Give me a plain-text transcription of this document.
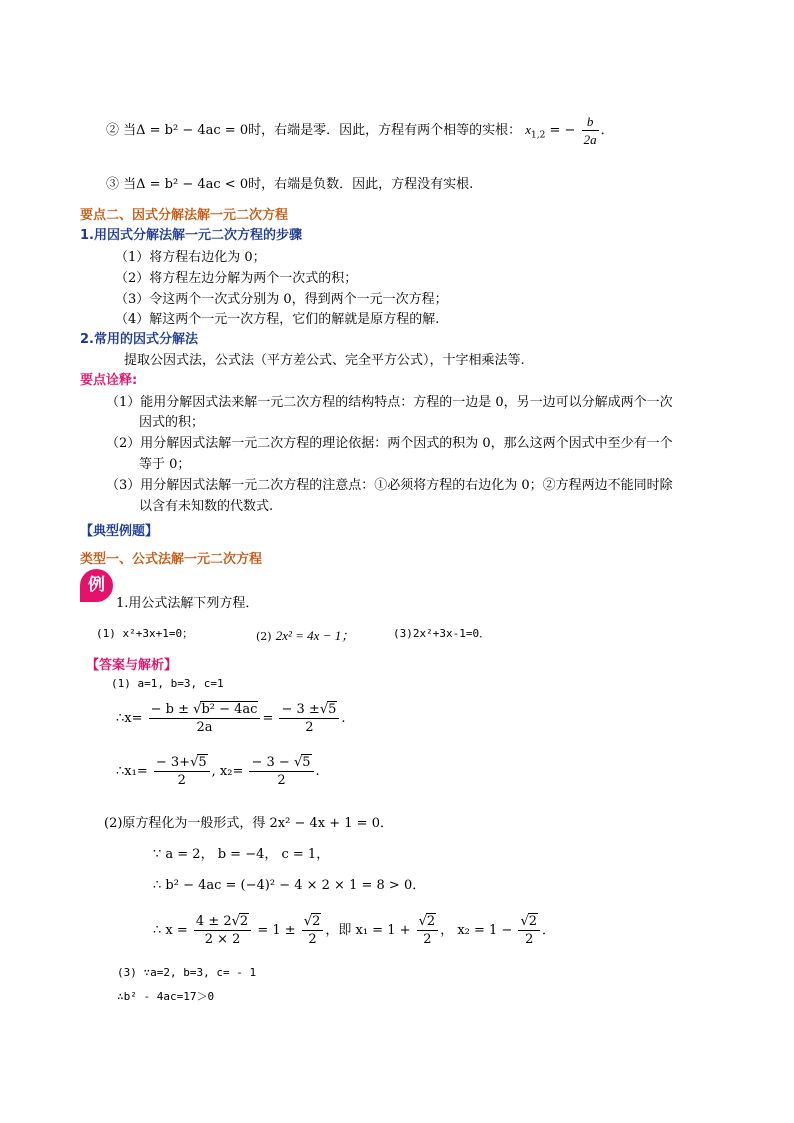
② 当Δ = b² − 4ac = 0时，右端是零．因此，方程有两个相等的实根： $x_{1,2}$ = − $\frac{b}{2a}$ ．
③ 当Δ = b² − 4ac < 0时，右端是负数．因此，方程没有实根.
要点二、因式分解法解一元二次方程
1.用因式分解法解一元二次方程的步骤
（1）将方程右边化为 0；
（2）将方程左边分解为两个一次式的积；
（3）令这两个一次式分别为 0，得到两个一元一次方程；
（4）解这两个一元一次方程，它们的解就是原方程的解.
2.常用的因式分解法
提取公因式法，公式法（平方差公式、完全平方公式），十字相乘法等.
要点诠释:
（1）能用分解因式法来解一元二次方程的结构特点：方程的一边是 0，另一边可以分解成两个一次
因式的积；
（2）用分解因式法解一元二次方程的理论依据：两个因式的积为 0，那么这两个因式中至少有一个
等于 0；
（3）用分解因式法解一元二次方程的注意点：①必须将方程的右边化为 0；②方程两边不能同时除
以含有未知数的代数式.
【典型例题】
类型一、公式法解一元二次方程
例
1.用公式法解下列方程．
(1) x²+3x+1=0；	(2) 2x² = 4x − 1；	(3)2x²+3x-1=0．
【答案与解析】
(1) a=1, b=3, c=1
∴x= $\frac{\text{− b ± √b² − 4ac}}{2a} = \frac{- 3 \pm√5}{2}$ .
∴x₁= $\frac{- 3+√5}{2}$ , $x_2= \frac{- 3 - √5}{2}$ .
(2)原方程化为一般形式，得 2x² − 4x + 1 = 0．
∵ a = 2， b = −4， c = 1，
∴ b² − 4ac = (−4)² − 4 × 2 × 1 = 8 > 0．
∴ $x = \frac{4 \pm 2√2}{2 \times 2} = 1 \pm \frac{√2}{2}$ ，即 $x_1 = 1 + \frac{√2}{2}$ ， $x_2 = 1 - \frac{√2}{2}$ ．
(3) ∵a=2, b=3, c= - 1
∴b² - 4ac=17＞0
